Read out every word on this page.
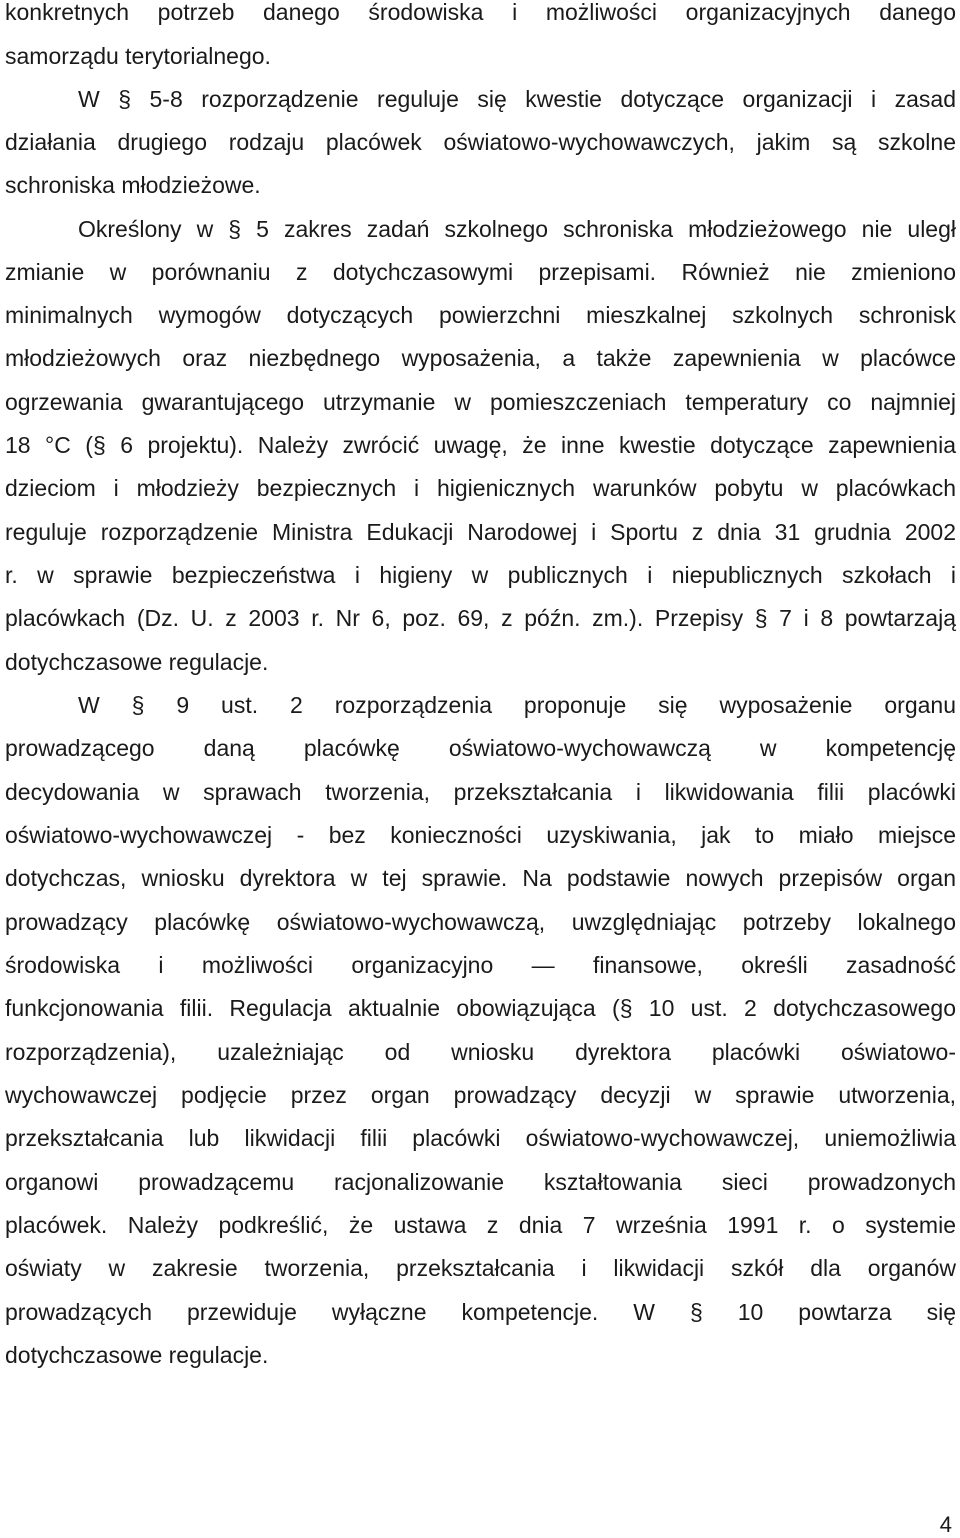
konkretnych potrzeb danego środowiska i możliwości organizacyjnych danego
samorządu terytorialnego.
W § 5-8 rozporządzenie reguluje się kwestie dotyczące organizacji i zasad
działania drugiego rodzaju placówek oświatowo-wychowawczych, jakim są szkolne
schroniska młodzieżowe.
Określony w § 5 zakres zadań szkolnego schroniska młodzieżowego nie uległ
zmianie w porównaniu z dotychczasowymi przepisami. Również nie zmieniono
minimalnych wymogów dotyczących powierzchni mieszkalnej szkolnych schronisk
młodzieżowych oraz niezbędnego wyposażenia, a także zapewnienia w placówce
ogrzewania gwarantującego utrzymanie w pomieszczeniach temperatury co najmniej
18 °C (§ 6 projektu). Należy zwrócić uwagę, że inne kwestie dotyczące zapewnienia
dzieciom i młodzieży bezpiecznych i higienicznych warunków pobytu w placówkach
reguluje rozporządzenie Ministra Edukacji Narodowej i Sportu z dnia 31 grudnia 2002
r. w sprawie bezpieczeństwa i higieny w publicznych i niepublicznych szkołach i
placówkach (Dz. U. z 2003 r. Nr 6, poz. 69, z późn. zm.). Przepisy § 7 i 8 powtarzają
dotychczasowe regulacje.
W § 9 ust. 2 rozporządzenia proponuje się wyposażenie organu
prowadzącego daną placówkę oświatowo-wychowawczą w kompetencję
decydowania w sprawach tworzenia, przekształcania i likwidowania filii placówki
oświatowo-wychowawczej - bez konieczności uzyskiwania, jak to miało miejsce
dotychczas, wniosku dyrektora w tej sprawie. Na podstawie nowych przepisów organ
prowadzący placówkę oświatowo-wychowawczą, uwzględniając potrzeby lokalnego
środowiska i możliwości organizacyjno — finansowe, określi zasadność
funkcjonowania filii. Regulacja aktualnie obowiązująca (§ 10 ust. 2 dotychczasowego
rozporządzenia), uzależniając od wniosku dyrektora placówki oświatowo-
wychowawczej podjęcie przez organ prowadzący decyzji w sprawie utworzenia,
przekształcania lub likwidacji filii placówki oświatowo-wychowawczej, uniemożliwia
organowi prowadzącemu racjonalizowanie kształtowania sieci prowadzonych
placówek. Należy podkreślić, że ustawa z dnia 7 września 1991 r. o systemie
oświaty w zakresie tworzenia, przekształcania i likwidacji szkół dla organów
prowadzących przewiduje wyłączne kompetencje. W § 10 powtarza się
dotychczasowe regulacje.
4
